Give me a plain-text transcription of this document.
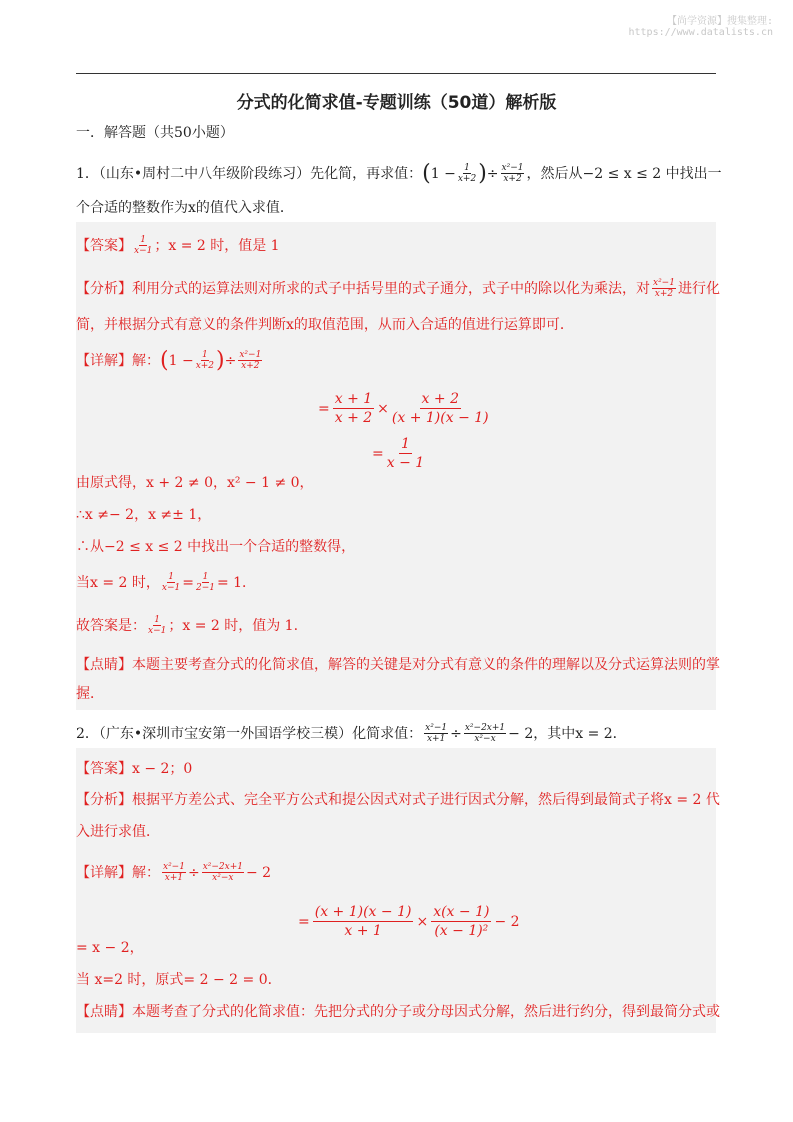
【尚学资源】搜集整理:
https://www.datalists.cn
分式的化简求值-专题训练（50道）解析版
一．解答题（共50小题）
1．（山东•周村二中八年级阶段练习）先化简，再求值： ( $1 - \frac{1}{x+2}$ ) ÷ $\frac{\text{x²−1}}{x+2}$ ，然后从−2 ≤ x ≤ 2 中找出一
个合适的整数作为x的值代入求值．
【答案】 1
x−1 ；x = 2 时，值是 1
【分析】 利用分式的运算法则对所求的式子中括号里的式子通分，式子中的除以化为乘法，对 x²−1
x+2 进行化
简，并根据分式有意义的条件判断x的取值范围，从而入合适的值进行运算即可．
【详解】 解： ( $1 - \frac{1}{x+2}$ ) ÷ $\frac{\text{x²−1}}{x+2}$
= $\frac{x + 1}{x + 2} \times \frac{x + 2}{(x + 1)(x - 1)}$
= $\frac{1}{x - 1}$
由原式得，x + 2 ≠ 0，x² − 1 ≠ 0，
∴x ≠− 2，x ≠± 1，
∴从−2 ≤ x ≤ 2 中找出一个合适的整数得，
当x = 2 时， $\frac{1}{x-1} = \frac{1}{2-1} = 1$．
故答案是： 1
x−1 ；x = 2 时，值为 1.
【点睛】 本题主要考查分式的化简求值，解答的关键是对分式有意义的条件的理解以及分式运算法则的掌
握．
2．（广东•深圳市宝安第一外国语学校三模）化简求值： $\frac{\text{x²−1}}{x+1} \div \frac{\text{x²−2x+1}}{\text{x²−x}} - 2$，其中x = 2．
【答案】 x − 2；0
【分析】 根据平方差公式、完全平方公式和提公因式对式子进行因式分解，然后得到最简式子将x = 2 代
入进行求值．
【详解】 解： $\frac{\text{x²−1}}{x+1} \div \frac{\text{x²−2x+1}}{\text{x²−x}} - 2$
= $\frac{(x + 1)(x - 1)}{x + 1} \times \frac{x(x - 1)}{\text{(x − 1)²}} - 2$
= x − 2，
当 x=2 时，原式= 2 − 2 = 0．
【点睛】 本题考查了分式的化简求值：先把分式的分子或分母因式分解，然后进行约分，得到最简分式或
